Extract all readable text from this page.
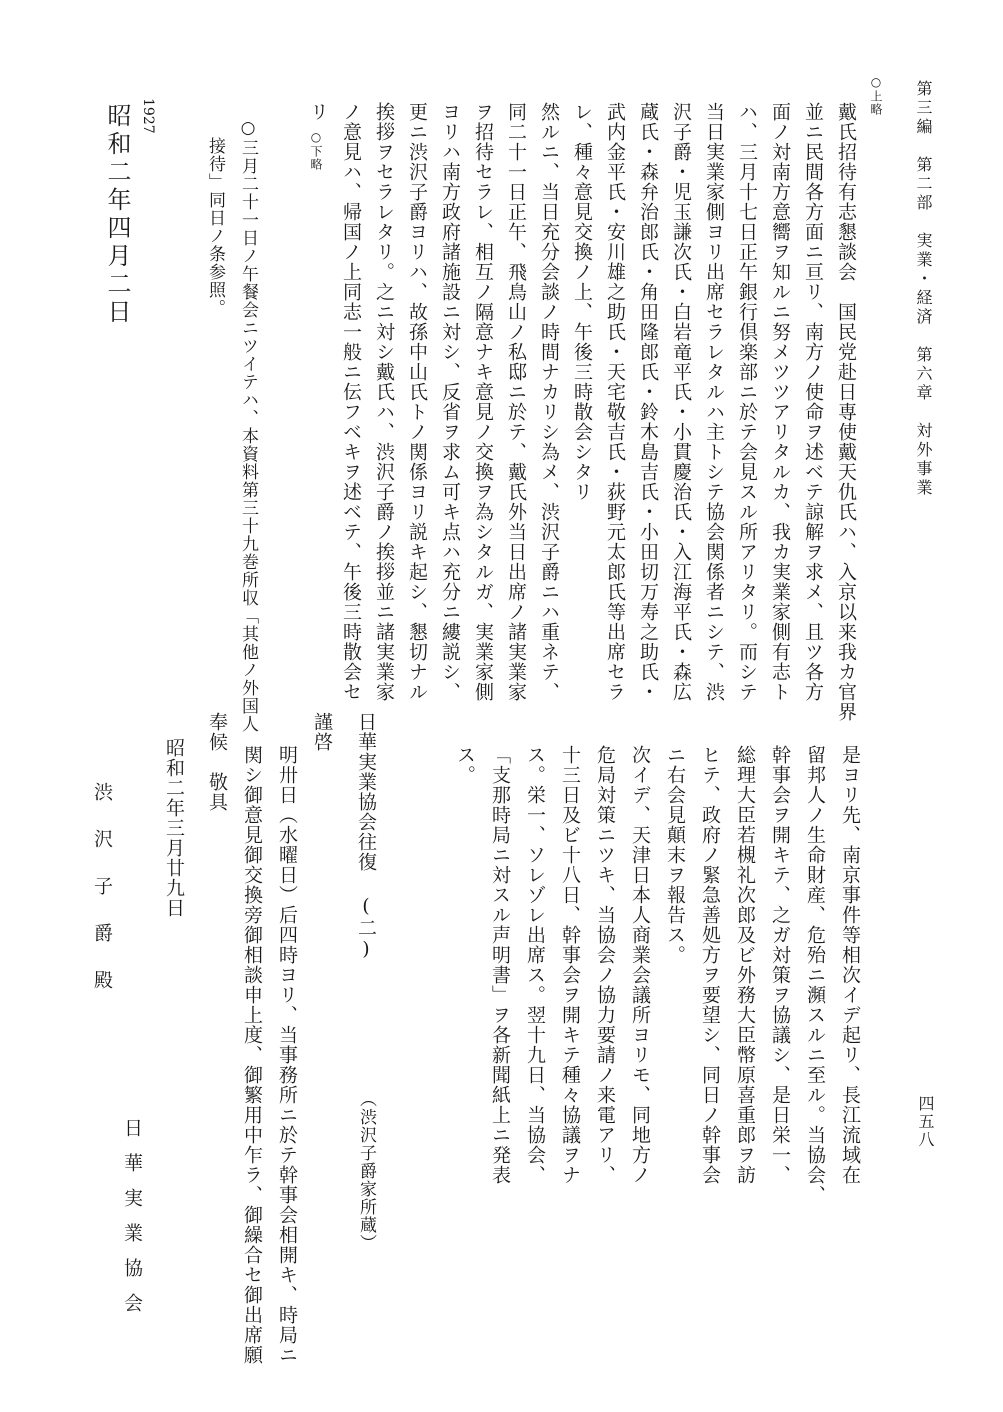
第三編　第二部　実業・経済　第六章　対外事業
四五八
○上略
戴氏招待有志懇談会　国民党赴日専使戴天仇氏ハ、入京以来我カ官界
並ニ民間各方面ニ亘リ、南方ノ使命ヲ述ベテ諒解ヲ求メ、且ツ各方
面ノ対南方意嚮ヲ知ルニ努メツツアリタルカ、我カ実業家側有志ト
ハ、三月十七日正午銀行倶楽部ニ於テ会見スル所アリタリ。而シテ
当日実業家側ヨリ出席セラレタルハ主トシテ協会関係者ニシテ、渋
沢子爵・児玉謙次氏・白岩竜平氏・小貫慶治氏・入江海平氏・森広
蔵氏・森弁治郎氏・角田隆郎氏・鈴木島吉氏・小田切万寿之助氏・
武内金平氏・安川雄之助氏・天宅敬吉氏・荻野元太郎氏等出席セラ
レ、種々意見交換ノ上、午後三時散会シタリ
然ルニ、当日充分会談ノ時間ナカリシ為メ、渋沢子爵ニハ重ネテ、
同二十一日正午、飛鳥山ノ私邸ニ於テ、戴氏外当日出席ノ諸実業家
ヲ招待セラレ、相互ノ隔意ナキ意見ノ交換ヲ為シタルガ、実業家側
ヨリハ南方政府諸施設ニ対シ、反省ヲ求ム可キ点ハ充分ニ縷説シ、
更ニ渋沢子爵ヨリハ、故孫中山氏トノ関係ヨリ説キ起シ、懇切ナル
挨拶ヲセラレタリ。之ニ対シ戴氏ハ、渋沢子爵ノ挨拶並ニ諸実業家
ノ意見ハ、帰国ノ上同志一般ニ伝フベキヲ述ベテ、午後三時散会セ
リ
○下略
○三月二十一日ノ午餐会ニツイテハ、本資料第三十九巻所収「其他ノ外国人
接待」同日ノ条参照。
1927
昭和二年四月二日
是ヨリ先、南京事件等相次イデ起リ、長江流域在
留邦人ノ生命財産、危殆ニ瀕スルニ至ル。当協会、
幹事会ヲ開キテ、之ガ対策ヲ協議シ、是日栄一、
総理大臣若槻礼次郎及ビ外務大臣幣原喜重郎ヲ訪
ヒテ、政府ノ緊急善処方ヲ要望シ、同日ノ幹事会
ニ右会見顛末ヲ報告ス。
次イデ、天津日本人商業会議所ヨリモ、同地方ノ
危局対策ニツキ、当協会ノ協力要請ノ来電アリ、
十三日及ビ十八日、幹事会ヲ開キテ種々協議ヲナ
ス。栄一、ソレゾレ出席ス。翌十九日、当協会、
「支那時局ニ対スル声明書」ヲ各新聞紙上ニ発表
ス。
日華実業協会往復 (二)
（渋沢子爵家所蔵）
謹啓
明卅日（水曜日）后四時ヨリ、当事務所ニ於テ幹事会相開キ、時局ニ
関シ御意見御交換旁御相談申上度、御繁用中乍ラ、御繰合セ御出席願
奉候　敬具
昭和二年三月廿九日
日華実業協会
渋沢子爵殿
